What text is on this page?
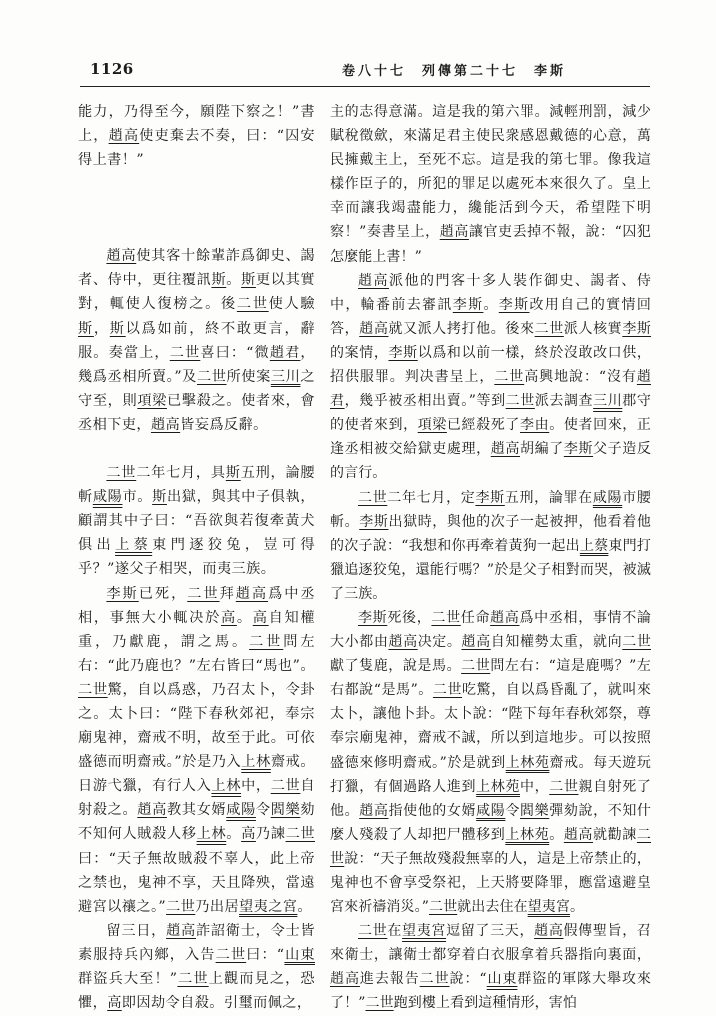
1126	卷八十七　列傳第二十七　李斯

能力，乃得至今，願陛下察之！”書上，趙高使吏棄去不奏，曰：“囚安得上書！”

趙高使其客十餘輩詐爲御史、謁者、侍中，更往覆訊斯。斯更以其實對，輒使人復榜之。後二世使人驗斯，斯以爲如前，終不敢更言，辭服。奏當上，二世喜曰：“微趙君，幾爲丞相所賣。”及二世所使案三川之守至，則項梁已擊殺之。使者來，會丞相下吏，趙高皆妄爲反辭。

二世二年七月，具斯五刑，論腰斬咸陽市。斯出獄，與其中子俱執，顧謂其中子曰：“吾欲與若復牽黃犬俱出上蔡東門逐狡兔，豈可得乎？”遂父子相哭，而夷三族。

李斯已死，二世拜趙高爲中丞相，事無大小輒决於高。高自知權重，乃獻鹿，謂之馬。二世問左右：“此乃鹿也？”左右皆曰“馬也”。二世驚，自以爲惑，乃召太卜，令卦之。太卜曰：“陛下春秋郊祀，奉宗廟鬼神，齋戒不明，故至于此。可依盛德而明齋戒。”於是乃入上林齋戒。日游弋獵，有行人入上林中，二世自射殺之。趙高教其女婿咸陽令閻樂劾不知何人賊殺人移上林。高乃諫二世曰：“天子無故賊殺不辜人，此上帝之禁也，鬼神不享，天且降殃，當遠避宮以禳之。”二世乃出居望夷之宮。

留三日，趙高詐詔衛士，令士皆素服持兵內鄉，入告二世曰：“山東群盜兵大至！”二世上觀而見之，恐懼，高即因劫令自殺。引璽而佩之，

主的志得意滿。這是我的第六罪。減輕刑罰，減少賦稅徵歛，來滿足君主使民衆感恩戴德的心意，萬民擁戴主上，至死不忘。這是我的第七罪。像我這樣作臣子的，所犯的罪足以處死本來很久了。皇上幸而讓我竭盡能力，纔能活到今天，希望陛下明察！”奏書呈上，趙高讓官吏丢掉不報，說：“囚犯怎麼能上書！”

趙高派他的門客十多人裝作御史、謁者、侍中，輪番前去審訊李斯。李斯改用自己的實情回答，趙高就又派人拷打他。後來二世派人核實李斯的案情，李斯以爲和以前一樣，終於沒敢改口供，招供服罪。判决書呈上，二世高興地說：“沒有趙君，幾乎被丞相出賣。”等到二世派去調查三川郡守的使者來到，項梁已經殺死了李由。使者回來，正逢丞相被交給獄吏處理，趙高胡編了李斯父子造反的言行。

二世二年七月，定李斯五刑，論罪在咸陽市腰斬。李斯出獄時，與他的次子一起被押，他看着他的次子說：“我想和你再牽着黃狗一起出上蔡東門打獵追逐狡兔，還能行嗎？”於是父子相對而哭，被滅了三族。

李斯死後，二世任命趙高爲中丞相，事情不論大小都由趙高决定。趙高自知權勢太重，就向二世獻了隻鹿，說是馬。二世問左右：“這是鹿嗎？”左右都說“是馬”。二世吃驚，自以爲昏亂了，就叫來太卜，讓他卜卦。太卜說：“陛下每年春秋郊祭，尊奉宗廟鬼神，齋戒不誠，所以到這地步。可以按照盛德來修明齋戒。”於是就到上林苑齋戒。每天遊玩打獵，有個過路人進到上林苑中，二世親自射死了他。趙高指使他的女婿咸陽令閻樂彈劾說，不知什麼人殘殺了人却把尸體移到上林苑。趙高就勸諫二世說：“天子無故殘殺無辜的人，這是上帝禁止的，鬼神也不會享受祭祀，上天將要降罪，應當遠避皇宮來祈禱消災。”二世就出去住在望夷宮。

二世在望夷宮逗留了三天，趙高假傳聖旨，召來衛士，讓衛士都穿着白衣服拿着兵器指向裏面，趙高進去報告二世說：“山東群盜的軍隊大舉攻來了！”二世跑到樓上看到這種情形，害怕
